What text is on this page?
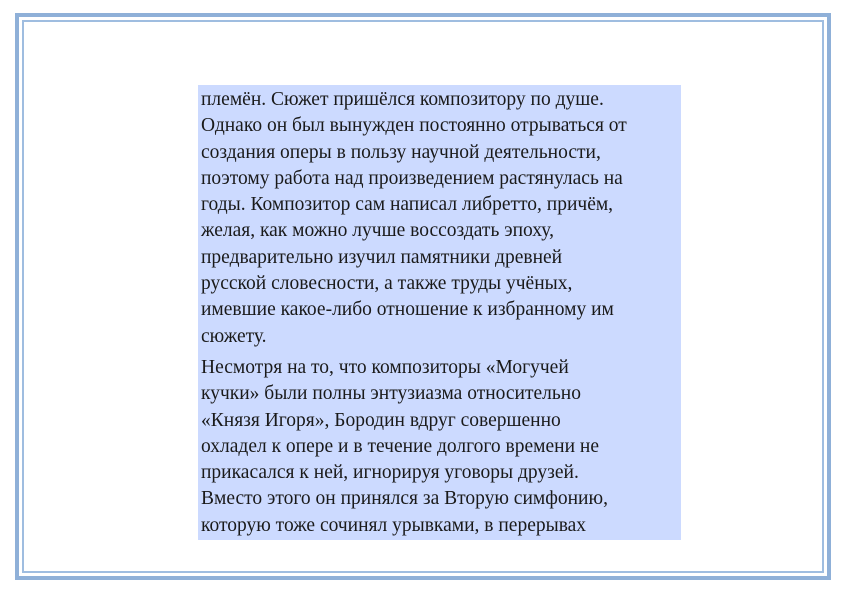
племён. Сюжет пришёлся композитору по душе.
Однако он был вынужден постоянно отрываться от
создания оперы в пользу научной деятельности,
поэтому работа над произведением растянулась на
годы. Композитор сам написал либретто, причём,
желая, как можно лучше воссоздать эпоху,
предварительно изучил памятники древней
русской словесности, а также труды учёных,
имевшие какое-либо отношение к избранному им
сюжету.

Несмотря на то, что композиторы «Могучей
кучки» были полны энтузиазма относительно
«Князя Игоря», Бородин вдруг совершенно
охладел к опере и в течение долгого времени не
прикасался к ней, игнорируя уговоры друзей.
Вместо этого он принялся за Вторую симфонию,
которую тоже сочинял урывками, в перерывах
